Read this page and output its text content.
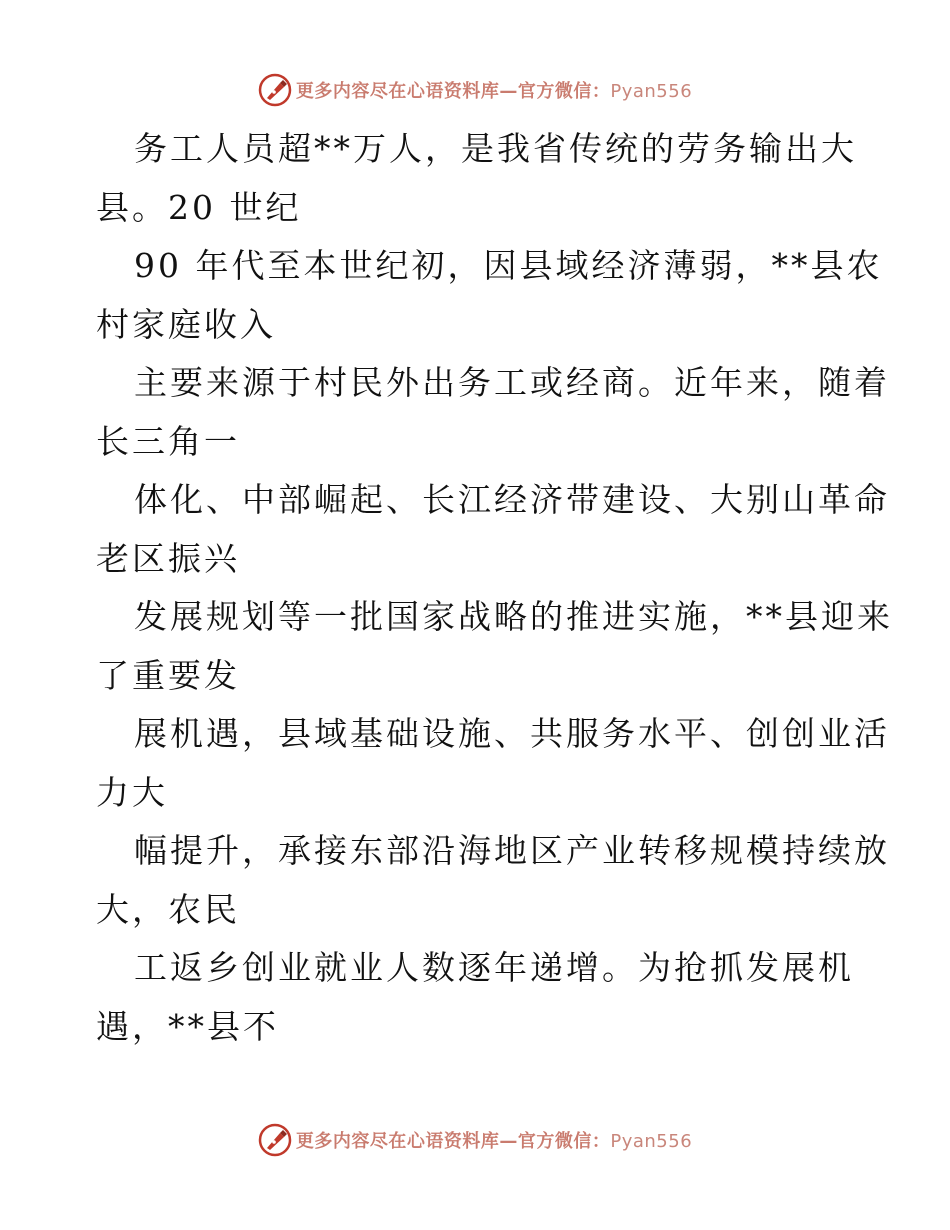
更多内容尽在心语资料库—官方微信：Pyan556

务工人员超**万人，是我省传统的劳务输出大
县。20 世纪

90 年代至本世纪初，因县域经济薄弱，**县农
村家庭收入

主要来源于村民外出务工或经商。近年来，随着
长三角一

体化、中部崛起、长江经济带建设、大别山革命
老区振兴

发展规划等一批国家战略的推进实施，**县迎来
了重要发

展机遇，县域基础设施、共服务水平、创创业活
力大

幅提升，承接东部沿海地区产业转移规模持续放
大，农民

工返乡创业就业人数逐年递增。为抢抓发展机
遇，**县不

更多内容尽在心语资料库—官方微信：Pyan556
